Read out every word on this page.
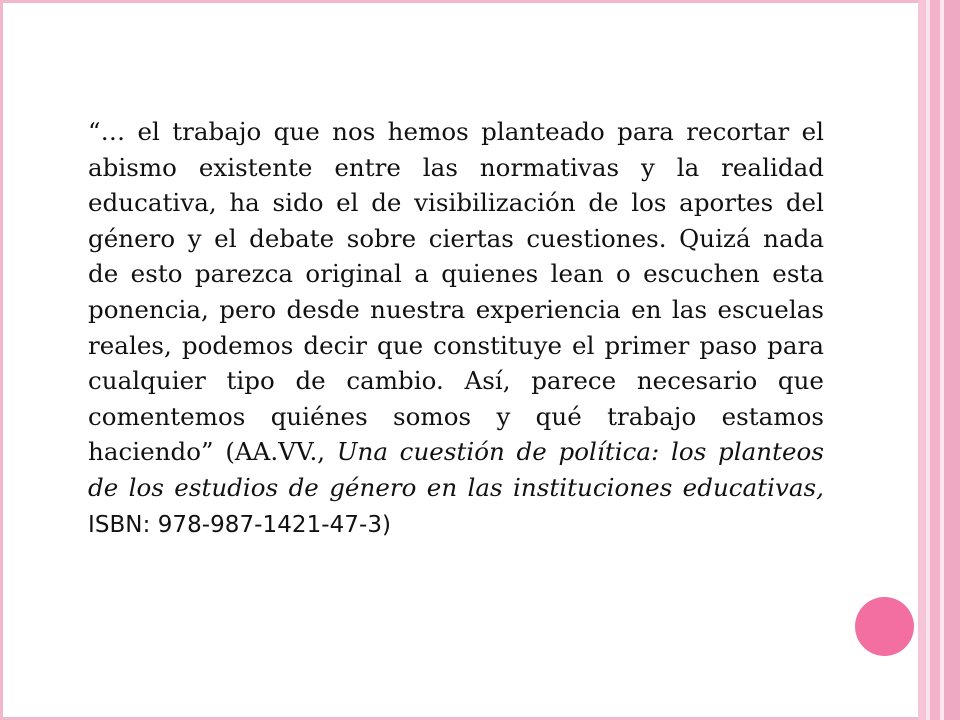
“… el trabajo que nos hemos planteado para recortar el abismo existente entre las normativas y la realidad educativa, ha sido el de visibilización de los aportes del género y el debate sobre ciertas cuestiones. Quizá nada de esto parezca original a quienes lean o escuchen esta ponencia, pero desde nuestra experiencia en las escuelas reales, podemos decir que constituye el primer paso para cualquier tipo de cambio. Así, parece necesario que comentemos quiénes somos y qué trabajo estamos haciendo” (AA.VV., Una cuestión de política: los planteos de los estudios de género en las instituciones educativas, ISBN: 978-987-1421-47-3)
